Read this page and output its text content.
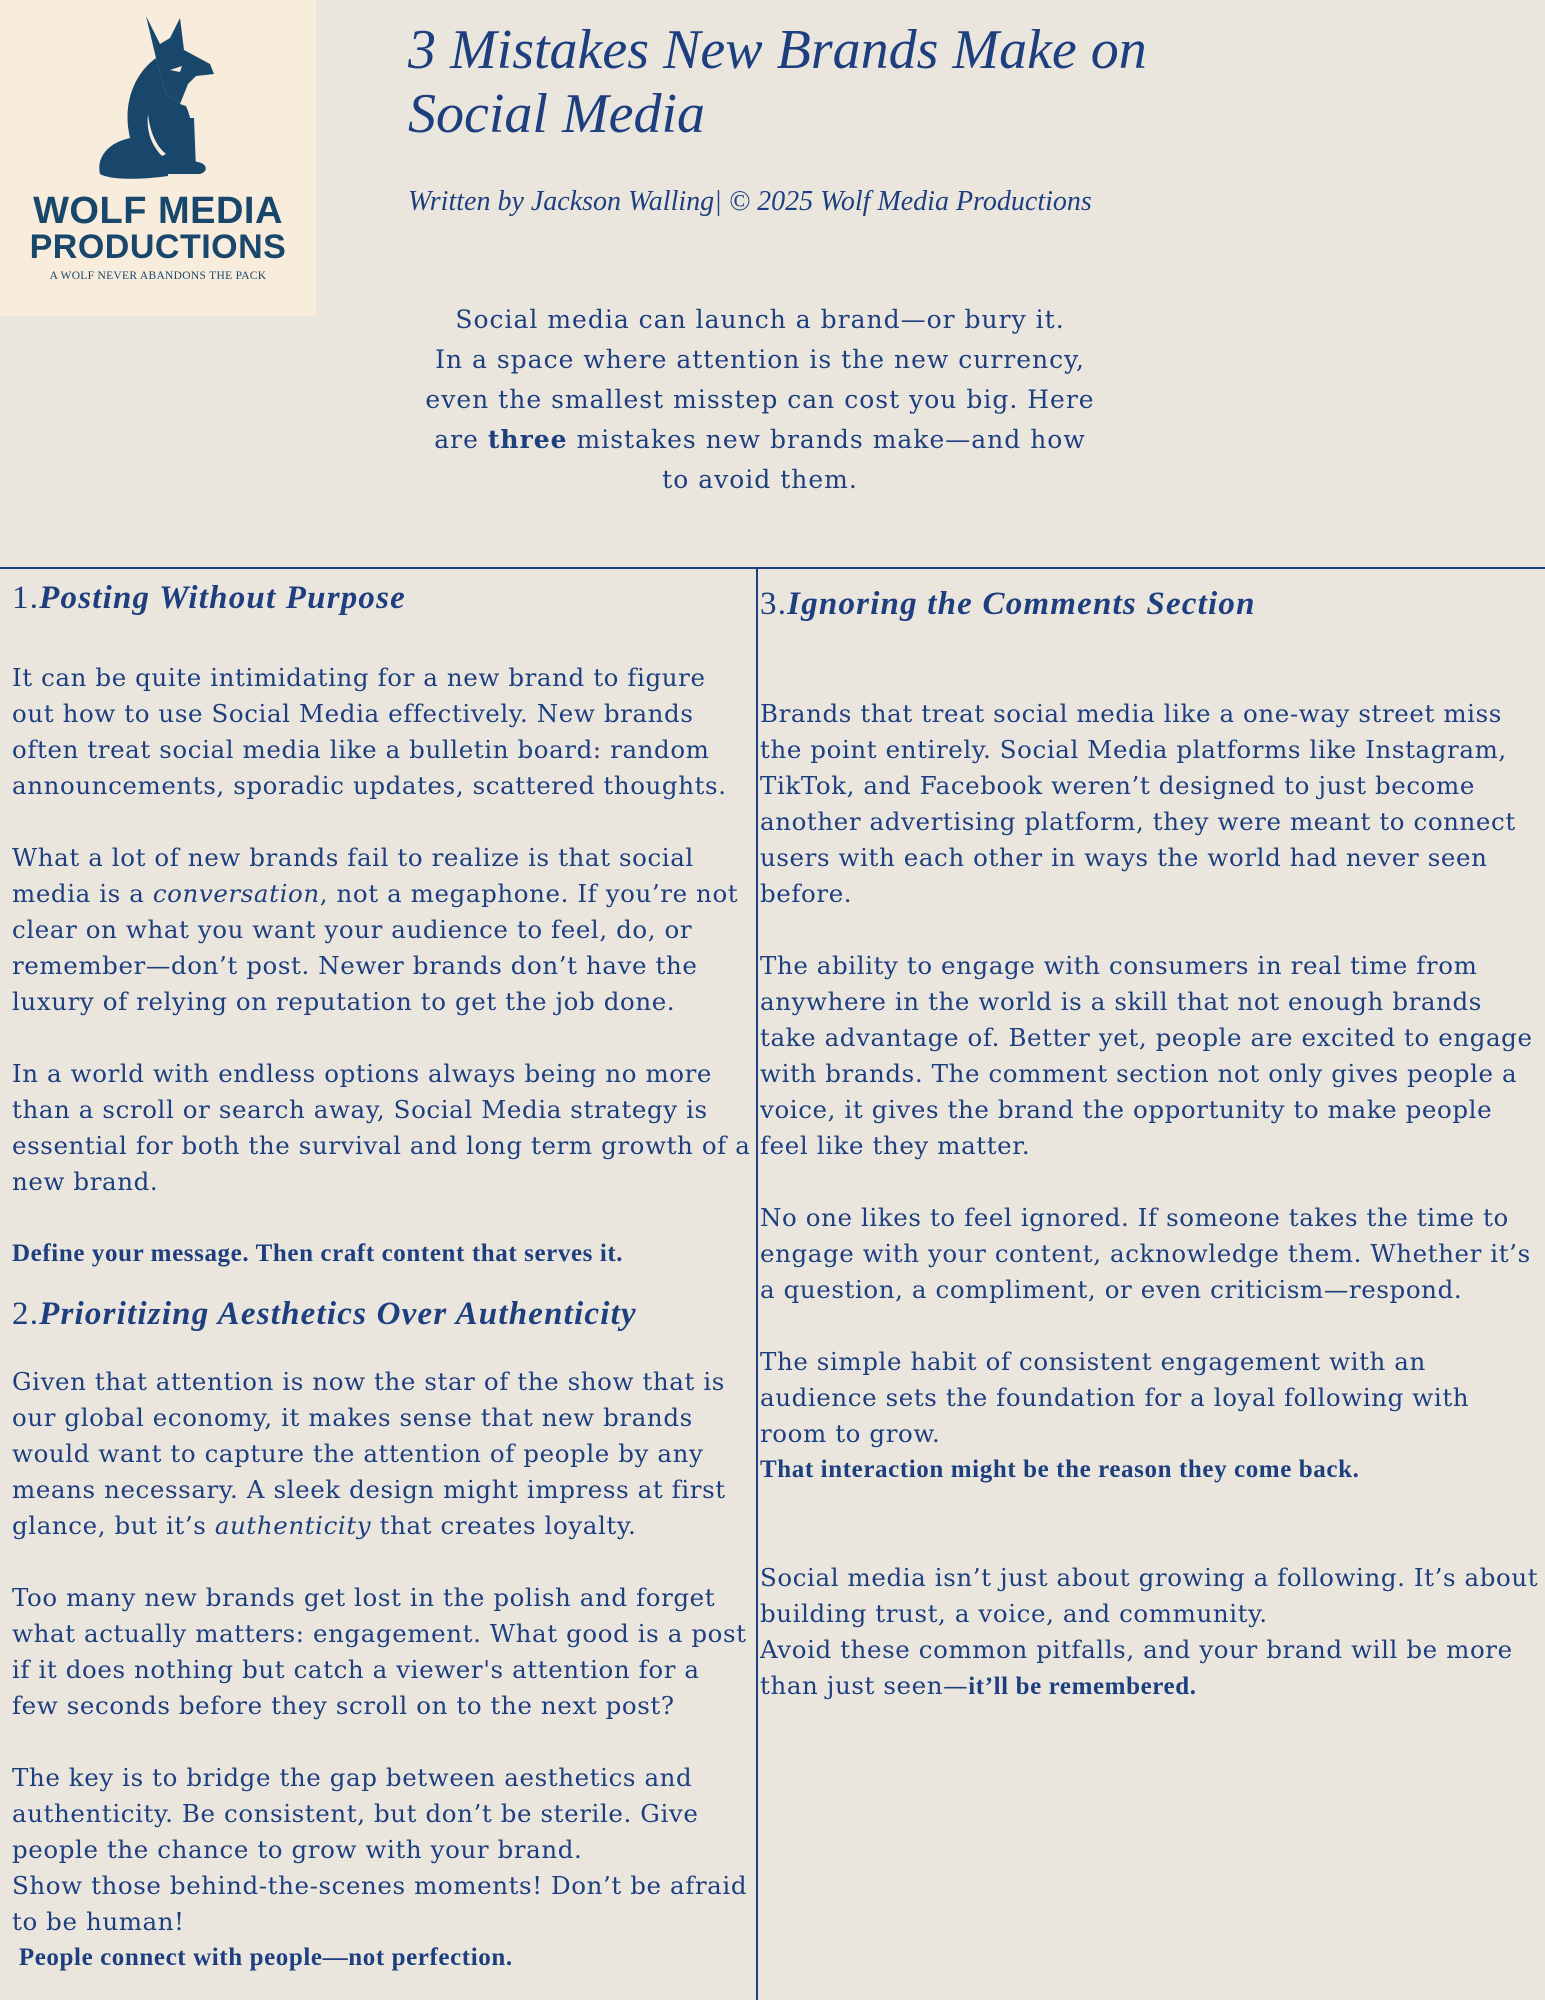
WOLF MEDIA
PRODUCTIONS
A WOLF NEVER ABANDONS THE PACK
3 Mistakes New Brands Make on
Social Media
Written by Jackson Walling| © 2025 Wolf Media Productions
Social media can launch a brand—or bury it.
In a space where attention is the new currency,
even the smallest misstep can cost you big. Here
are three mistakes new brands make—and how
to avoid them.
1.Posting Without Purpose

It can be quite intimidating for a new brand to figure out how to use Social Media effectively. New brands often treat social media like a bulletin board: random announcements, sporadic updates, scattered thoughts.

What a lot of new brands fail to realize is that social media is a conversation, not a megaphone. If you’re not clear on what you want your audience to feel, do, or remember—don’t post. Newer brands don’t have the luxury of relying on reputation to get the job done.

In a world with endless options always being no more than a scroll or search away, Social Media strategy is essential for both the survival and long term growth of a new brand.

Define your message. Then craft content that serves it.

2.Prioritizing Aesthetics Over Authenticity

Given that attention is now the star of the show that is our global economy, it makes sense that new brands would want to capture the attention of people by any means necessary. A sleek design might impress at first glance, but it’s authenticity that creates loyalty.

Too many new brands get lost in the polish and forget what actually matters: engagement. What good is a post if it does nothing but catch a viewer's attention for a few seconds before they scroll on to the next post?

The key is to bridge the gap between aesthetics and authenticity. Be consistent, but don’t be sterile. Give people the chance to grow with your brand.

Show those behind-the-scenes moments! Don’t be afraid to be human!

People connect with people—not perfection.

3.Ignoring the Comments Section

Brands that treat social media like a one-way street miss the point entirely. Social Media platforms like Instagram, TikTok, and Facebook weren’t designed to just become another advertising platform, they were meant to connect users with each other in ways the world had never seen before.

The ability to engage with consumers in real time from anywhere in the world is a skill that not enough brands take advantage of. Better yet, people are excited to engage with brands. The comment section not only gives people a voice, it gives the brand the opportunity to make people feel like they matter.

No one likes to feel ignored. If someone takes the time to engage with your content, acknowledge them. Whether it’s a question, a compliment, or even criticism—respond.

The simple habit of consistent engagement with an audience sets the foundation for a loyal following with room to grow.

That interaction might be the reason they come back.

Social media isn’t just about growing a following. It’s about building trust, a voice, and community.

Avoid these common pitfalls, and your brand will be more than just seen—it’ll be remembered.
